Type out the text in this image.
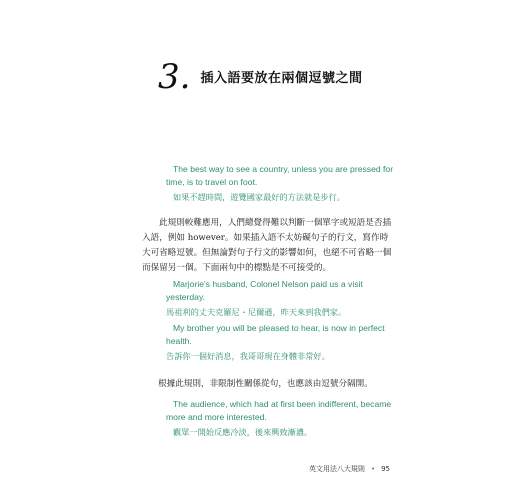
3. 插入語要放在兩個逗號之間
The best way to see a country, unless you are pressed for time, is to travel on foot.
如果不趕時間，遊覽國家最好的方法就是步行。
此規則較難應用，人們總覺得難以判斷一個單字或短語是否插入語，例如 however。如果插入語不太妨礙句子的行文，寫作時大可省略逗號。但無論對句子行文的影響如何，也絕不可省略一個而保留另一個。下面兩句中的標點是不可接受的。
Marjorie's husband, Colonel Nelson paid us a visit yesterday.
馬祖利的丈夫克羅尼・尼爾遜，昨天來到我們家。
My brother you will be pleased to hear, is now in perfect health.
告訴你一個好消息，我哥哥現在身體非常好。
根據此規則，非限制性關係從句，也應該由逗號分隔開。
The audience, which had at first been indifferent, became more and more interested.
觀眾一開始反應冷淡，後來興致漸濃。
英文用法八大規則 • 95
